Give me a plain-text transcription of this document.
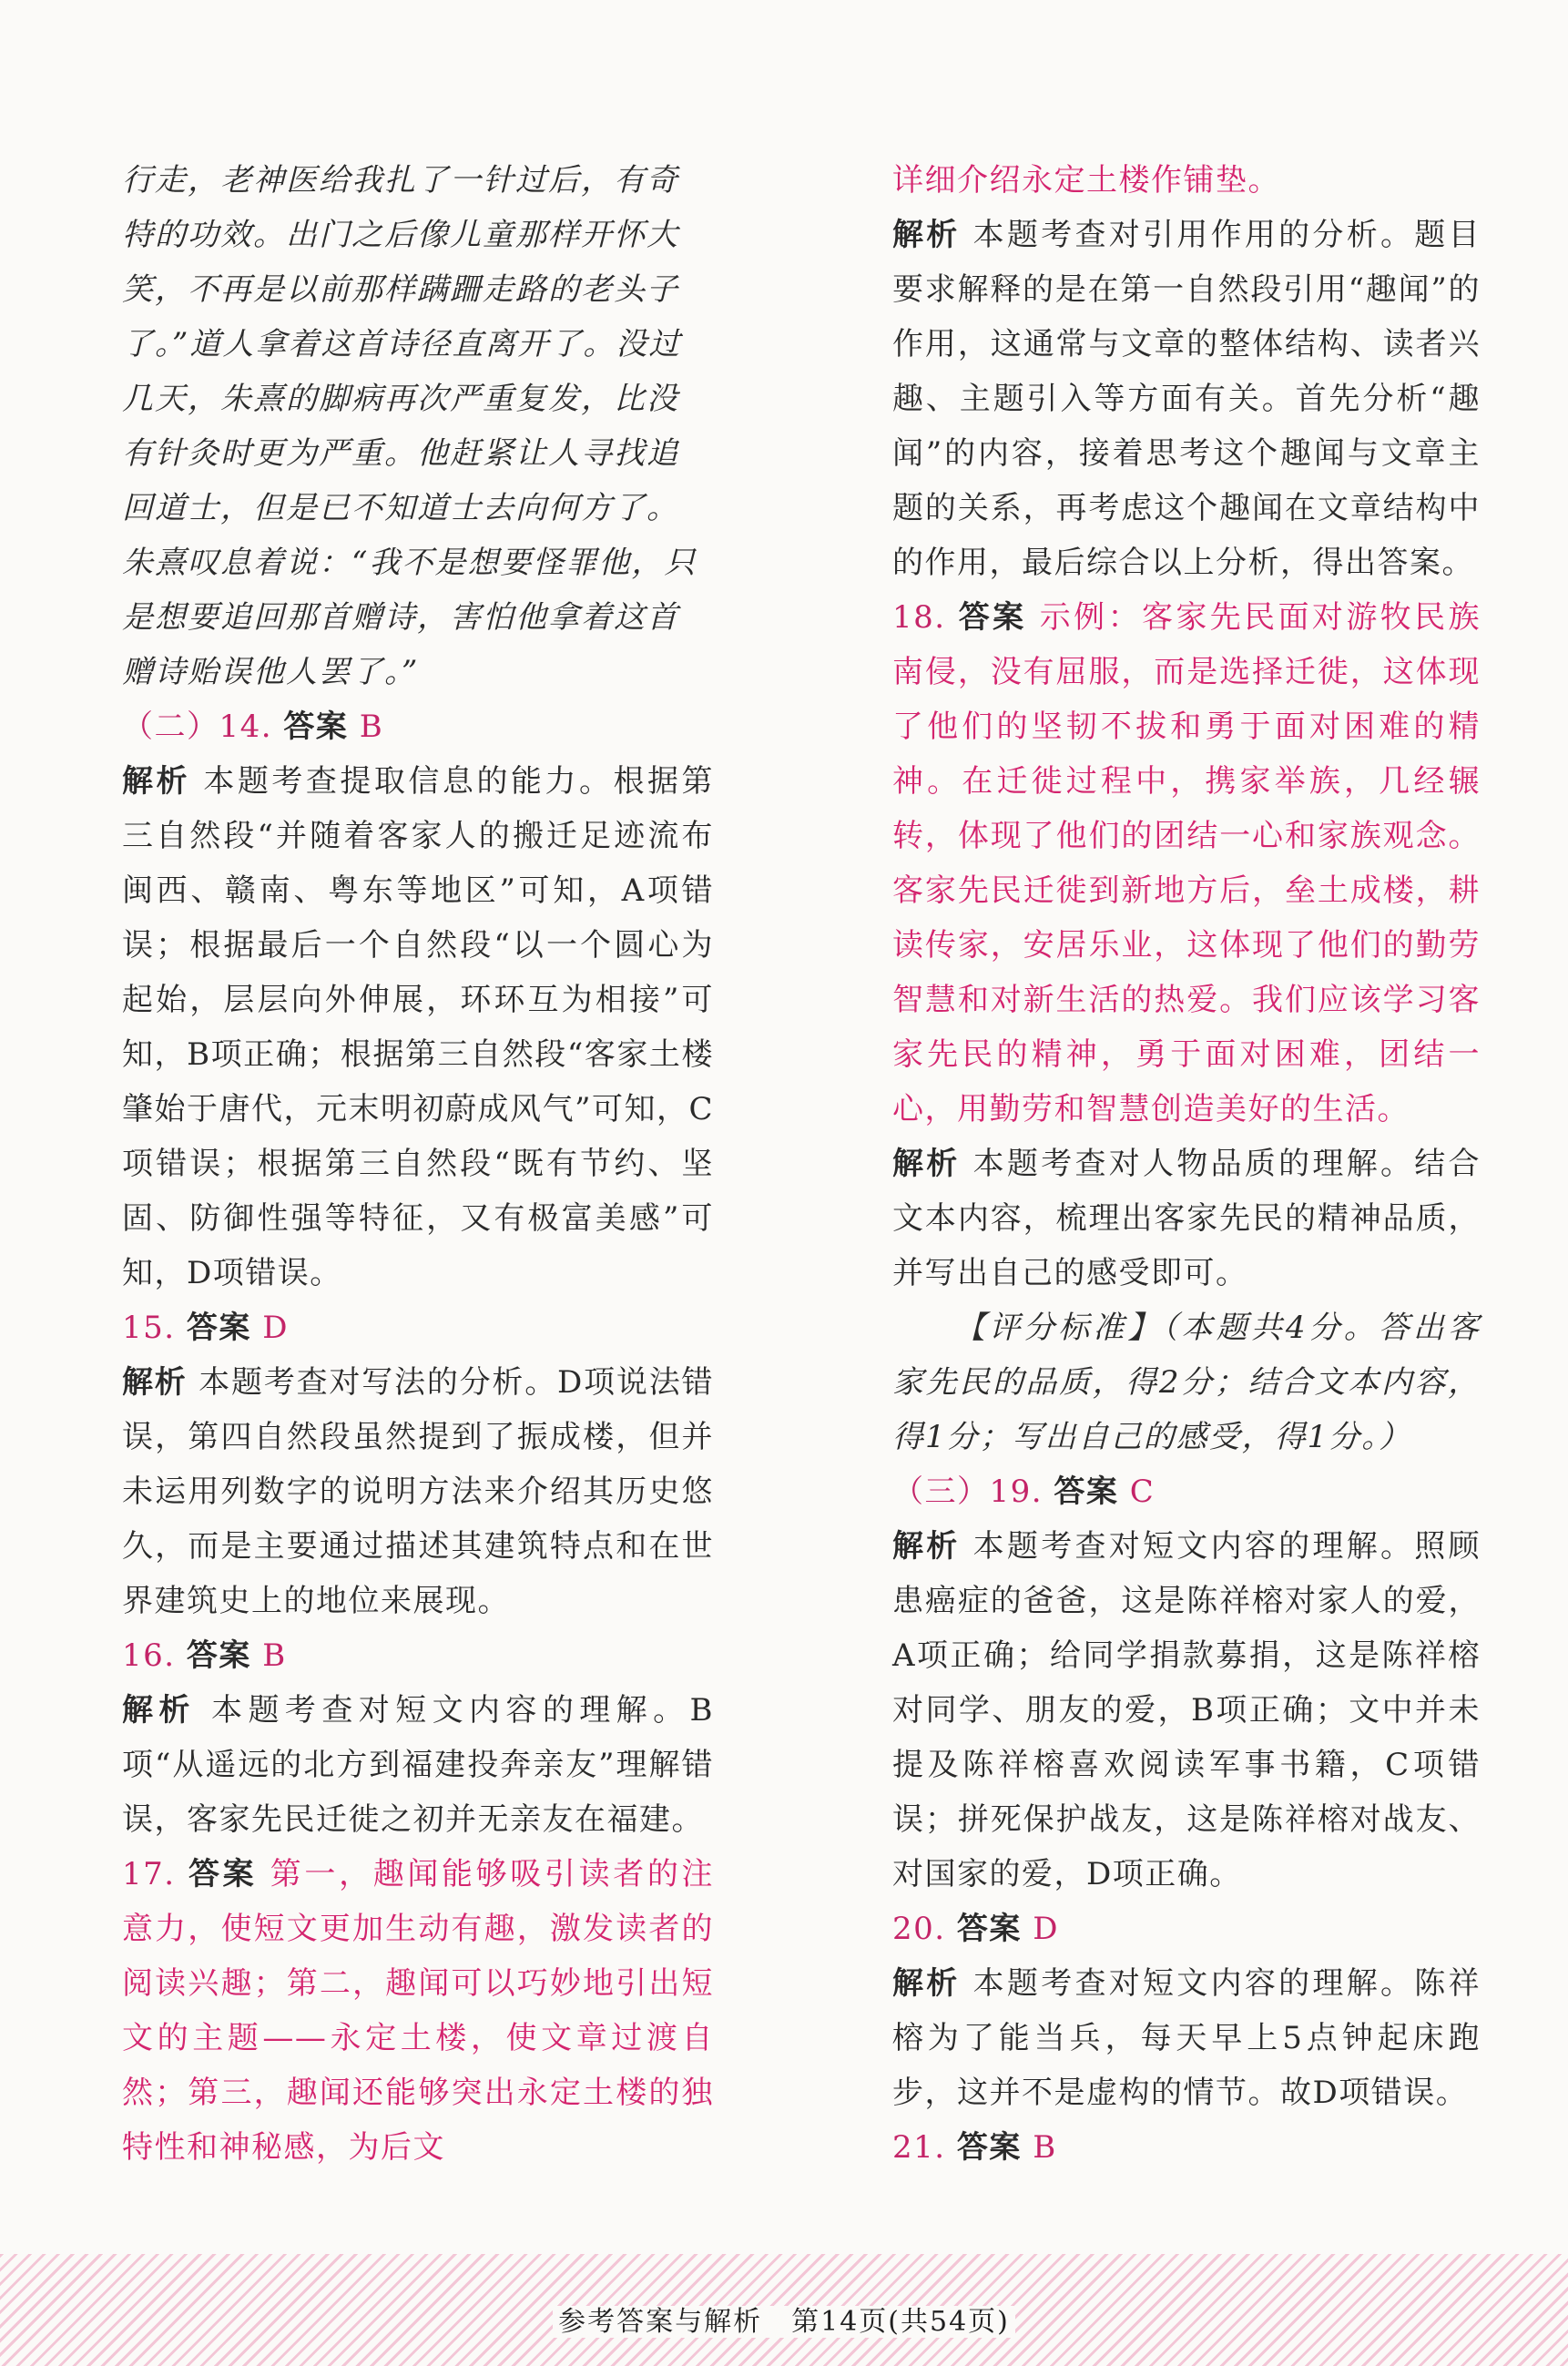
行走，老神医给我扎了一针过后，有奇

特的功效。出门之后像儿童那样开怀大

笑，不再是以前那样蹒跚走路的老头子

了。”道人拿着这首诗径直离开了。没过

几天，朱熹的脚病再次严重复发，比没

有针灸时更为严重。他赶紧让人寻找追

回道士，但是已不知道士去向何方了。

朱熹叹息着说：“我不是想要怪罪他，只

是想要追回那首赠诗，害怕他拿着这首

赠诗贻误他人罢了。”

（二）14. 答案 B

解析 本题考查提取信息的能力。根据第三自然段“并随着客家人的搬迁足迹流布闽西、赣南、粤东等地区”可知，A项错误；根据最后一个自然段“以一个圆心为起始，层层向外伸展，环环互为相接”可知，B项正确；根据第三自然段“客家土楼肇始于唐代，元末明初蔚成风气”可知，C项错误；根据第三自然段“既有节约、坚固、防御性强等特征，又有极富美感”可知，D项错误。

15. 答案 D

解析 本题考查对写法的分析。D项说法错误，第四自然段虽然提到了振成楼，但并未运用列数字的说明方法来介绍其历史悠久，而是主要通过描述其建筑特点和在世界建筑史上的地位来展现。

16. 答案 B

解析 本题考查对短文内容的理解。B项“从遥远的北方到福建投奔亲友”理解错误，客家先民迁徙之初并无亲友在福建。

17. 答案 第一，趣闻能够吸引读者的注意力，使短文更加生动有趣，激发读者的阅读兴趣；第二，趣闻可以巧妙地引出短文的主题——永定土楼，使文章过渡自然；第三，趣闻还能够突出永定土楼的独特性和神秘感，为后文

详细介绍永定土楼作铺垫。

解析 本题考查对引用作用的分析。题目要求解释的是在第一自然段引用“趣闻”的作用，这通常与文章的整体结构、读者兴趣、主题引入等方面有关。首先分析“趣闻”的内容，接着思考这个趣闻与文章主题的关系，再考虑这个趣闻在文章结构中的作用，最后综合以上分析，得出答案。

18. 答案 示例：客家先民面对游牧民族南侵，没有屈服，而是选择迁徙，这体现了他们的坚韧不拔和勇于面对困难的精神。在迁徙过程中，携家举族，几经辗转，体现了他们的团结一心和家族观念。客家先民迁徙到新地方后，垒土成楼，耕读传家，安居乐业，这体现了他们的勤劳智慧和对新生活的热爱。我们应该学习客家先民的精神，勇于面对困难，团结一心，用勤劳和智慧创造美好的生活。

解析 本题考查对人物品质的理解。结合文本内容，梳理出客家先民的精神品质，并写出自己的感受即可。

【评分标准】（本题共4分。答出客家先民的品质，得2分；结合文本内容，得1分；写出自己的感受，得1分。）

（三）19. 答案 C

解析 本题考查对短文内容的理解。照顾患癌症的爸爸，这是陈祥榕对家人的爱，A项正确；给同学捐款募捐，这是陈祥榕对同学、朋友的爱，B项正确；文中并未提及陈祥榕喜欢阅读军事书籍，C项错误；拼死保护战友，这是陈祥榕对战友、对国家的爱，D项正确。

20. 答案 D

解析 本题考查对短文内容的理解。陈祥榕为了能当兵，每天早上5点钟起床跑步，这并不是虚构的情节。故D项错误。

21. 答案 B

参考答案与解析　第14页(共54页)
